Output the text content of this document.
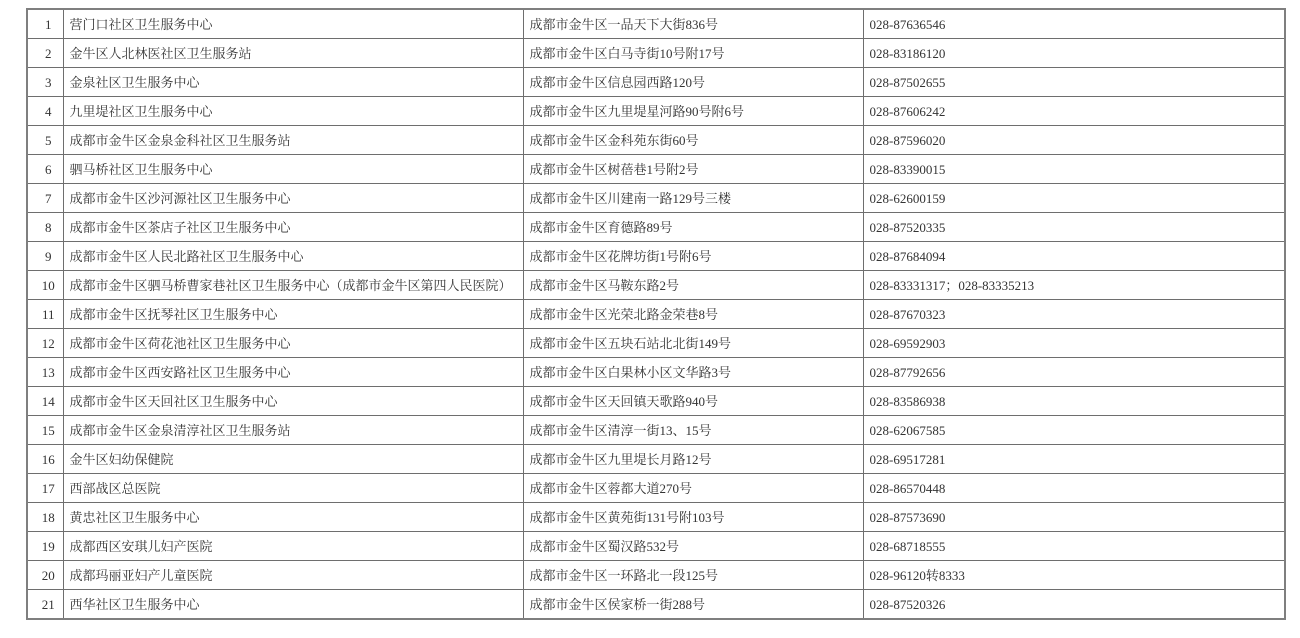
1	营门口社区卫生服务中心	成都市金牛区一品天下大街836号	028-87636546
2	金牛区人北林医社区卫生服务站	成都市金牛区白马寺街10号附17号	028-83186120
3	金泉社区卫生服务中心	成都市金牛区信息园西路120号	028-87502655
4	九里堤社区卫生服务中心	成都市金牛区九里堤星河路90号附6号	028-87606242
5	成都市金牛区金泉金科社区卫生服务站	成都市金牛区金科苑东街60号	028-87596020
6	驷马桥社区卫生服务中心	成都市金牛区树蓓巷1号附2号	028-83390015
7	成都市金牛区沙河源社区卫生服务中心	成都市金牛区川建南一路129号三楼	028-62600159
8	成都市金牛区茶店子社区卫生服务中心	成都市金牛区育德路89号	028-87520335
9	成都市金牛区人民北路社区卫生服务中心	成都市金牛区花牌坊街1号附6号	028-87684094
10	成都市金牛区驷马桥曹家巷社区卫生服务中心（成都市金牛区第四人民医院）	成都市金牛区马鞍东路2号	028-83331317；028-83335213
11	成都市金牛区抚琴社区卫生服务中心	成都市金牛区光荣北路金荣巷8号	028-87670323
12	成都市金牛区荷花池社区卫生服务中心	成都市金牛区五块石站北北街149号	028-69592903
13	成都市金牛区西安路社区卫生服务中心	成都市金牛区白果林小区文华路3号	028-87792656
14	成都市金牛区天回社区卫生服务中心	成都市金牛区天回镇天歌路940号	028-83586938
15	成都市金牛区金泉清淳社区卫生服务站	成都市金牛区清淳一街13、15号	028-62067585
16	金牛区妇幼保健院	成都市金牛区九里堤长月路12号	028-69517281
17	西部战区总医院	成都市金牛区蓉都大道270号	028-86570448
18	黄忠社区卫生服务中心	成都市金牛区黄苑街131号附103号	028-87573690
19	成都西区安琪儿妇产医院	成都市金牛区蜀汉路532号	028-68718555
20	成都玛丽亚妇产儿童医院	成都市金牛区一环路北一段125号	028-96120转8333
21	西华社区卫生服务中心	成都市金牛区侯家桥一街288号	028-87520326
